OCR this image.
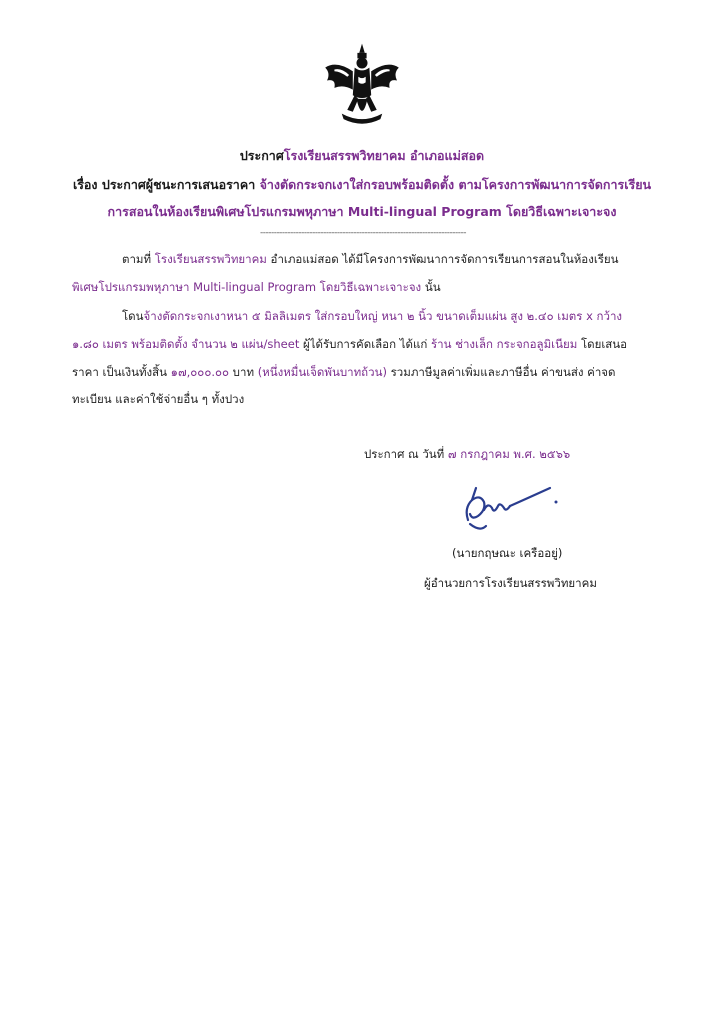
ประกาศโรงเรียนสรรพวิทยาคม อำเภอแม่สอด
เรื่อง ประกาศผู้ชนะการเสนอราคา จ้างตัดกระจกเงาใส่กรอบพร้อมติดตั้ง ตามโครงการพัฒนาการจัดการเรียน
การสอนในห้องเรียนพิเศษโปรแกรมพหุภาษา Multi-lingual Program โดยวิธีเฉพาะเจาะจง
---------------------------------------------------------------------------
ตามที่ โรงเรียนสรรพวิทยาคม อำเภอแม่สอด ได้มีโครงการพัฒนาการจัดการเรียนการสอนในห้องเรียน
พิเศษโปรแกรมพหุภาษา Multi-lingual Program โดยวิธีเฉพาะเจาะจง นั้น
โดนจ้างตัดกระจกเงาหนา ๕ มิลลิเมตร ใส่กรอบใหญ่ หนา ๒ นิ้ว ขนาดเต็มแผ่น สูง ๒.๔๐ เมตร x กว้าง
๑.๘๐ เมตร พร้อมติดตั้ง จำนวน ๒ แผ่น/sheet ผู้ได้รับการคัดเลือก ได้แก่ ร้าน ช่างเล็ก กระจกอลูมิเนียม โดยเสนอ
ราคา เป็นเงินทั้งสิ้น ๑๗,๐๐๐.๐๐ บาท (หนึ่งหมื่นเจ็ดพันบาทถ้วน) รวมภาษีมูลค่าเพิ่มและภาษีอื่น ค่าขนส่ง ค่าจด
ทะเบียน และค่าใช้จ่ายอื่น ๆ ทั้งปวง
ประกาศ ณ วันที่ ๗ กรกฎาคม พ.ศ. ๒๕๖๖
(นายกฤษณะ เครืออยู่)
ผู้อำนวยการโรงเรียนสรรพวิทยาคม
